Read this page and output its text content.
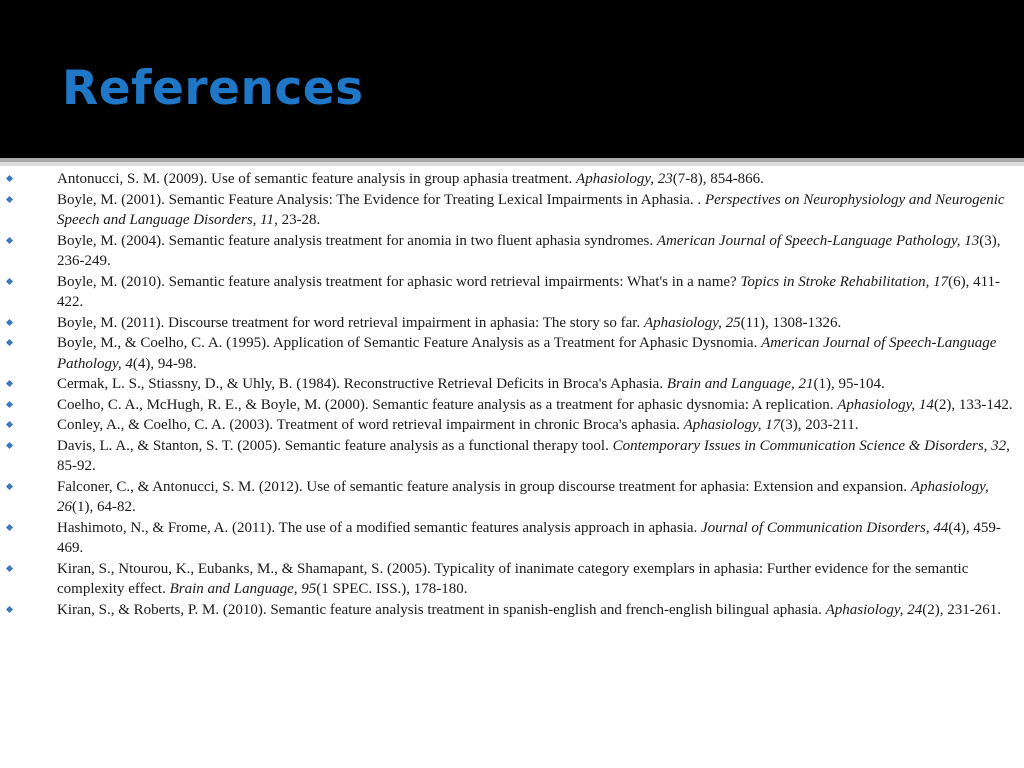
References
Antonucci, S. M. (2009). Use of semantic feature analysis in group aphasia treatment. Aphasiology, 23(7-8), 854-866.
Boyle, M. (2001). Semantic Feature Analysis: The Evidence for Treating Lexical Impairments in Aphasia. . Perspectives on Neurophysiology and Neurogenic Speech and Language Disorders, 11, 23-28.
Boyle, M. (2004). Semantic feature analysis treatment for anomia in two fluent aphasia syndromes. American Journal of Speech-Language Pathology, 13(3), 236-249.
Boyle, M. (2010). Semantic feature analysis treatment for aphasic word retrieval impairments: What's in a name? Topics in Stroke Rehabilitation, 17(6), 411-422.
Boyle, M. (2011). Discourse treatment for word retrieval impairment in aphasia: The story so far. Aphasiology, 25(11), 1308-1326.
Boyle, M., & Coelho, C. A. (1995). Application of Semantic Feature Analysis as a Treatment for Aphasic Dysnomia. American Journal of Speech-Language Pathology, 4(4), 94-98.
Cermak, L. S., Stiassny, D., & Uhly, B. (1984). Reconstructive Retrieval Deficits in Broca's Aphasia. Brain and Language, 21(1), 95-104.
Coelho, C. A., McHugh, R. E., & Boyle, M. (2000). Semantic feature analysis as a treatment for aphasic dysnomia: A replication. Aphasiology, 14(2), 133-142.
Conley, A., & Coelho, C. A. (2003). Treatment of word retrieval impairment in chronic Broca's aphasia. Aphasiology, 17(3), 203-211.
Davis, L. A., & Stanton, S. T. (2005). Semantic feature analysis as a functional therapy tool. Contemporary Issues in Communication Science & Disorders, 32, 85-92.
Falconer, C., & Antonucci, S. M. (2012). Use of semantic feature analysis in group discourse treatment for aphasia: Extension and expansion. Aphasiology, 26(1), 64-82.
Hashimoto, N., & Frome, A. (2011). The use of a modified semantic features analysis approach in aphasia. Journal of Communication Disorders, 44(4), 459-469.
Kiran, S., Ntourou, K., Eubanks, M., & Shamapant, S. (2005). Typicality of inanimate category exemplars in aphasia: Further evidence for the semantic complexity effect. Brain and Language, 95(1 SPEC. ISS.), 178-180.
Kiran, S., & Roberts, P. M. (2010). Semantic feature analysis treatment in spanish-english and french-english bilingual aphasia. Aphasiology, 24(2), 231-261.
